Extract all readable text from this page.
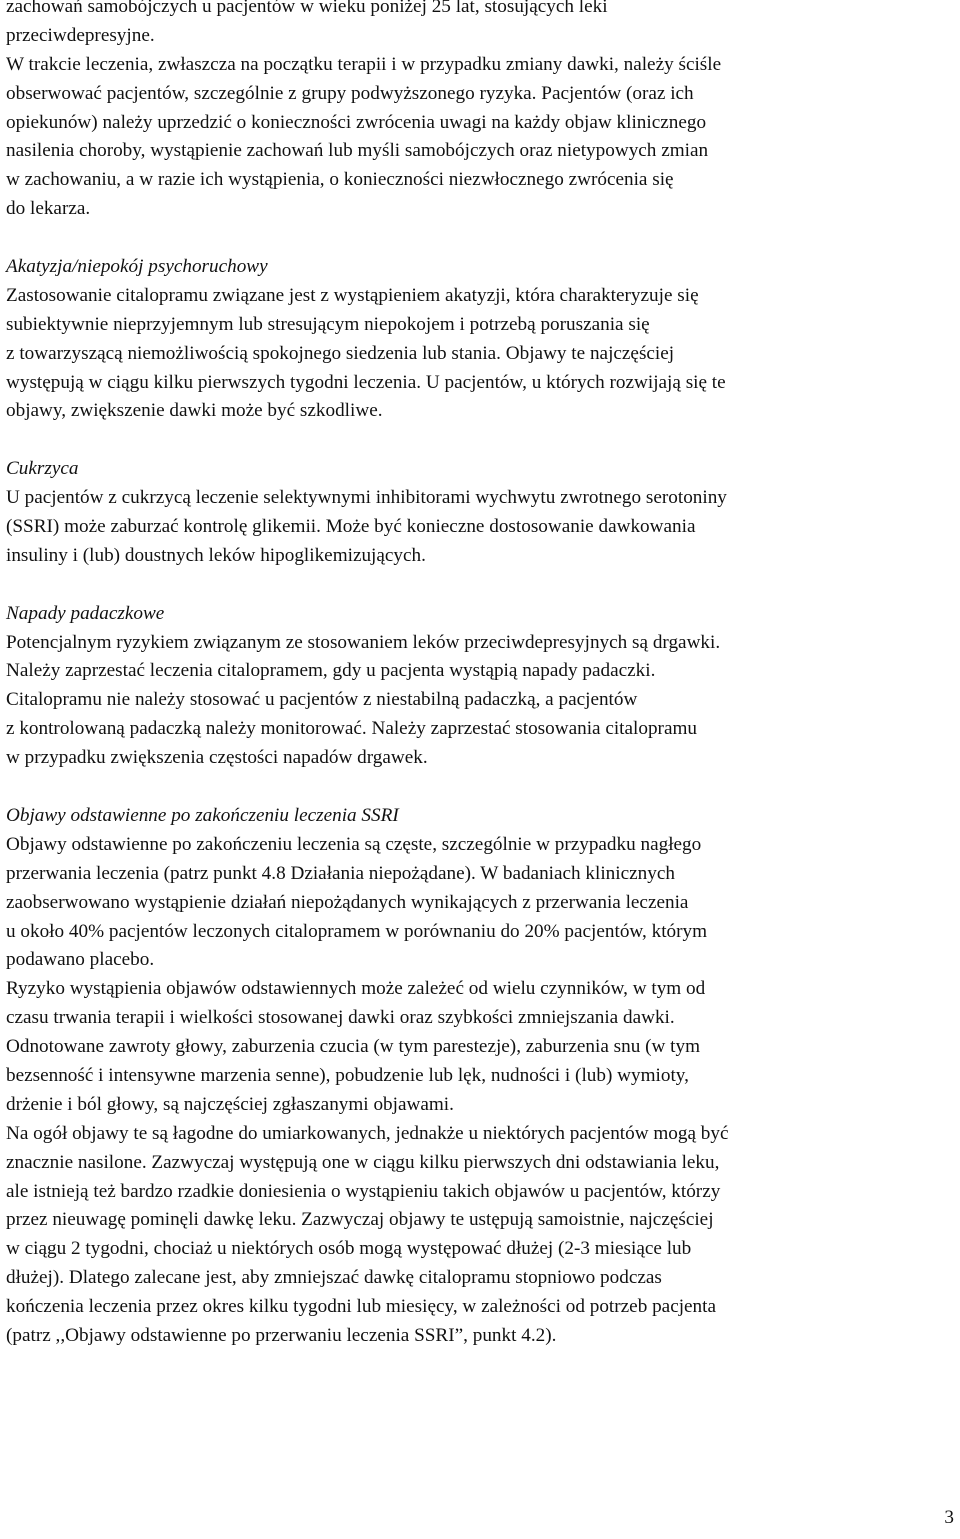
zachowań samobójczych u pacjentów w wieku poniżej 25 lat, stosujących leki
przeciwdepresyjne.
W trakcie leczenia, zwłaszcza na początku terapii i w przypadku zmiany dawki, należy ściśle
obserwować pacjentów, szczególnie z grupy podwyższonego ryzyka. Pacjentów (oraz ich
opiekunów) należy uprzedzić o konieczności zwrócenia uwagi na każdy objaw klinicznego
nasilenia choroby, wystąpienie zachowań lub myśli samobójczych oraz nietypowych zmian
w zachowaniu, a w razie ich wystąpienia, o konieczności niezwłocznego zwrócenia się
do lekarza.
Akatyzja/niepokój psychoruchowy
Zastosowanie citalopramu związane jest z wystąpieniem akatyzji, która charakteryzuje się
subiektywnie nieprzyjemnym lub stresującym niepokojem i potrzebą poruszania się
z towarzyszącą niemożliwością spokojnego siedzenia lub stania. Objawy te najczęściej
występują w ciągu kilku pierwszych tygodni leczenia. U pacjentów, u których rozwijają się te
objawy, zwiększenie dawki może być szkodliwe.
Cukrzyca
U pacjentów z cukrzycą leczenie selektywnymi inhibitorami wychwytu zwrotnego serotoniny
(SSRI) może zaburzać kontrolę glikemii. Może być konieczne dostosowanie dawkowania
insuliny i (lub) doustnych leków hipoglikemizujących.
Napady padaczkowe
Potencjalnym ryzykiem związanym ze stosowaniem leków przeciwdepresyjnych są drgawki.
Należy zaprzestać leczenia citalopramem, gdy u pacjenta wystąpią napady padaczki.
Citalopramu nie należy stosować u pacjentów z niestabilną padaczką, a pacjentów
z kontrolowaną padaczką należy monitorować. Należy zaprzestać stosowania citalopramu
w przypadku zwiększenia częstości napadów drgawek.
Objawy odstawienne po zakończeniu leczenia SSRI
Objawy odstawienne po zakończeniu leczenia są częste, szczególnie w przypadku nagłego
przerwania leczenia (patrz punkt 4.8 Działania niepożądane). W badaniach klinicznych
zaobserwowano wystąpienie działań niepożądanych wynikających z przerwania leczenia
u około 40% pacjentów leczonych citalopramem w porównaniu do 20% pacjentów, którym
podawano placebo.
Ryzyko wystąpienia objawów odstawiennych może zależeć od wielu czynników, w tym od
czasu trwania terapii i wielkości stosowanej dawki oraz szybkości zmniejszania dawki.
Odnotowane zawroty głowy, zaburzenia czucia (w tym parestezje), zaburzenia snu (w tym
bezsenność i intensywne marzenia senne), pobudzenie lub lęk, nudności i (lub) wymioty,
drżenie i ból głowy, są najczęściej zgłaszanymi objawami.
Na ogół objawy te są łagodne do umiarkowanych, jednakże u niektórych pacjentów mogą być
znacznie nasilone. Zazwyczaj występują one w ciągu kilku pierwszych dni odstawiania leku,
ale istnieją też bardzo rzadkie doniesienia o wystąpieniu takich objawów u pacjentów, którzy
przez nieuwagę pominęli dawkę leku. Zazwyczaj objawy te ustępują samoistnie, najczęściej
w ciągu 2 tygodni, chociaż u niektórych osób mogą występować dłużej (2-3 miesiące lub
dłużej). Dlatego zalecane jest, aby zmniejszać dawkę citalopramu stopniowo podczas
kończenia leczenia przez okres kilku tygodni lub miesięcy, w zależności od potrzeb pacjenta
(patrz ,,Objawy odstawienne po przerwaniu leczenia SSRI”, punkt 4.2).
3
